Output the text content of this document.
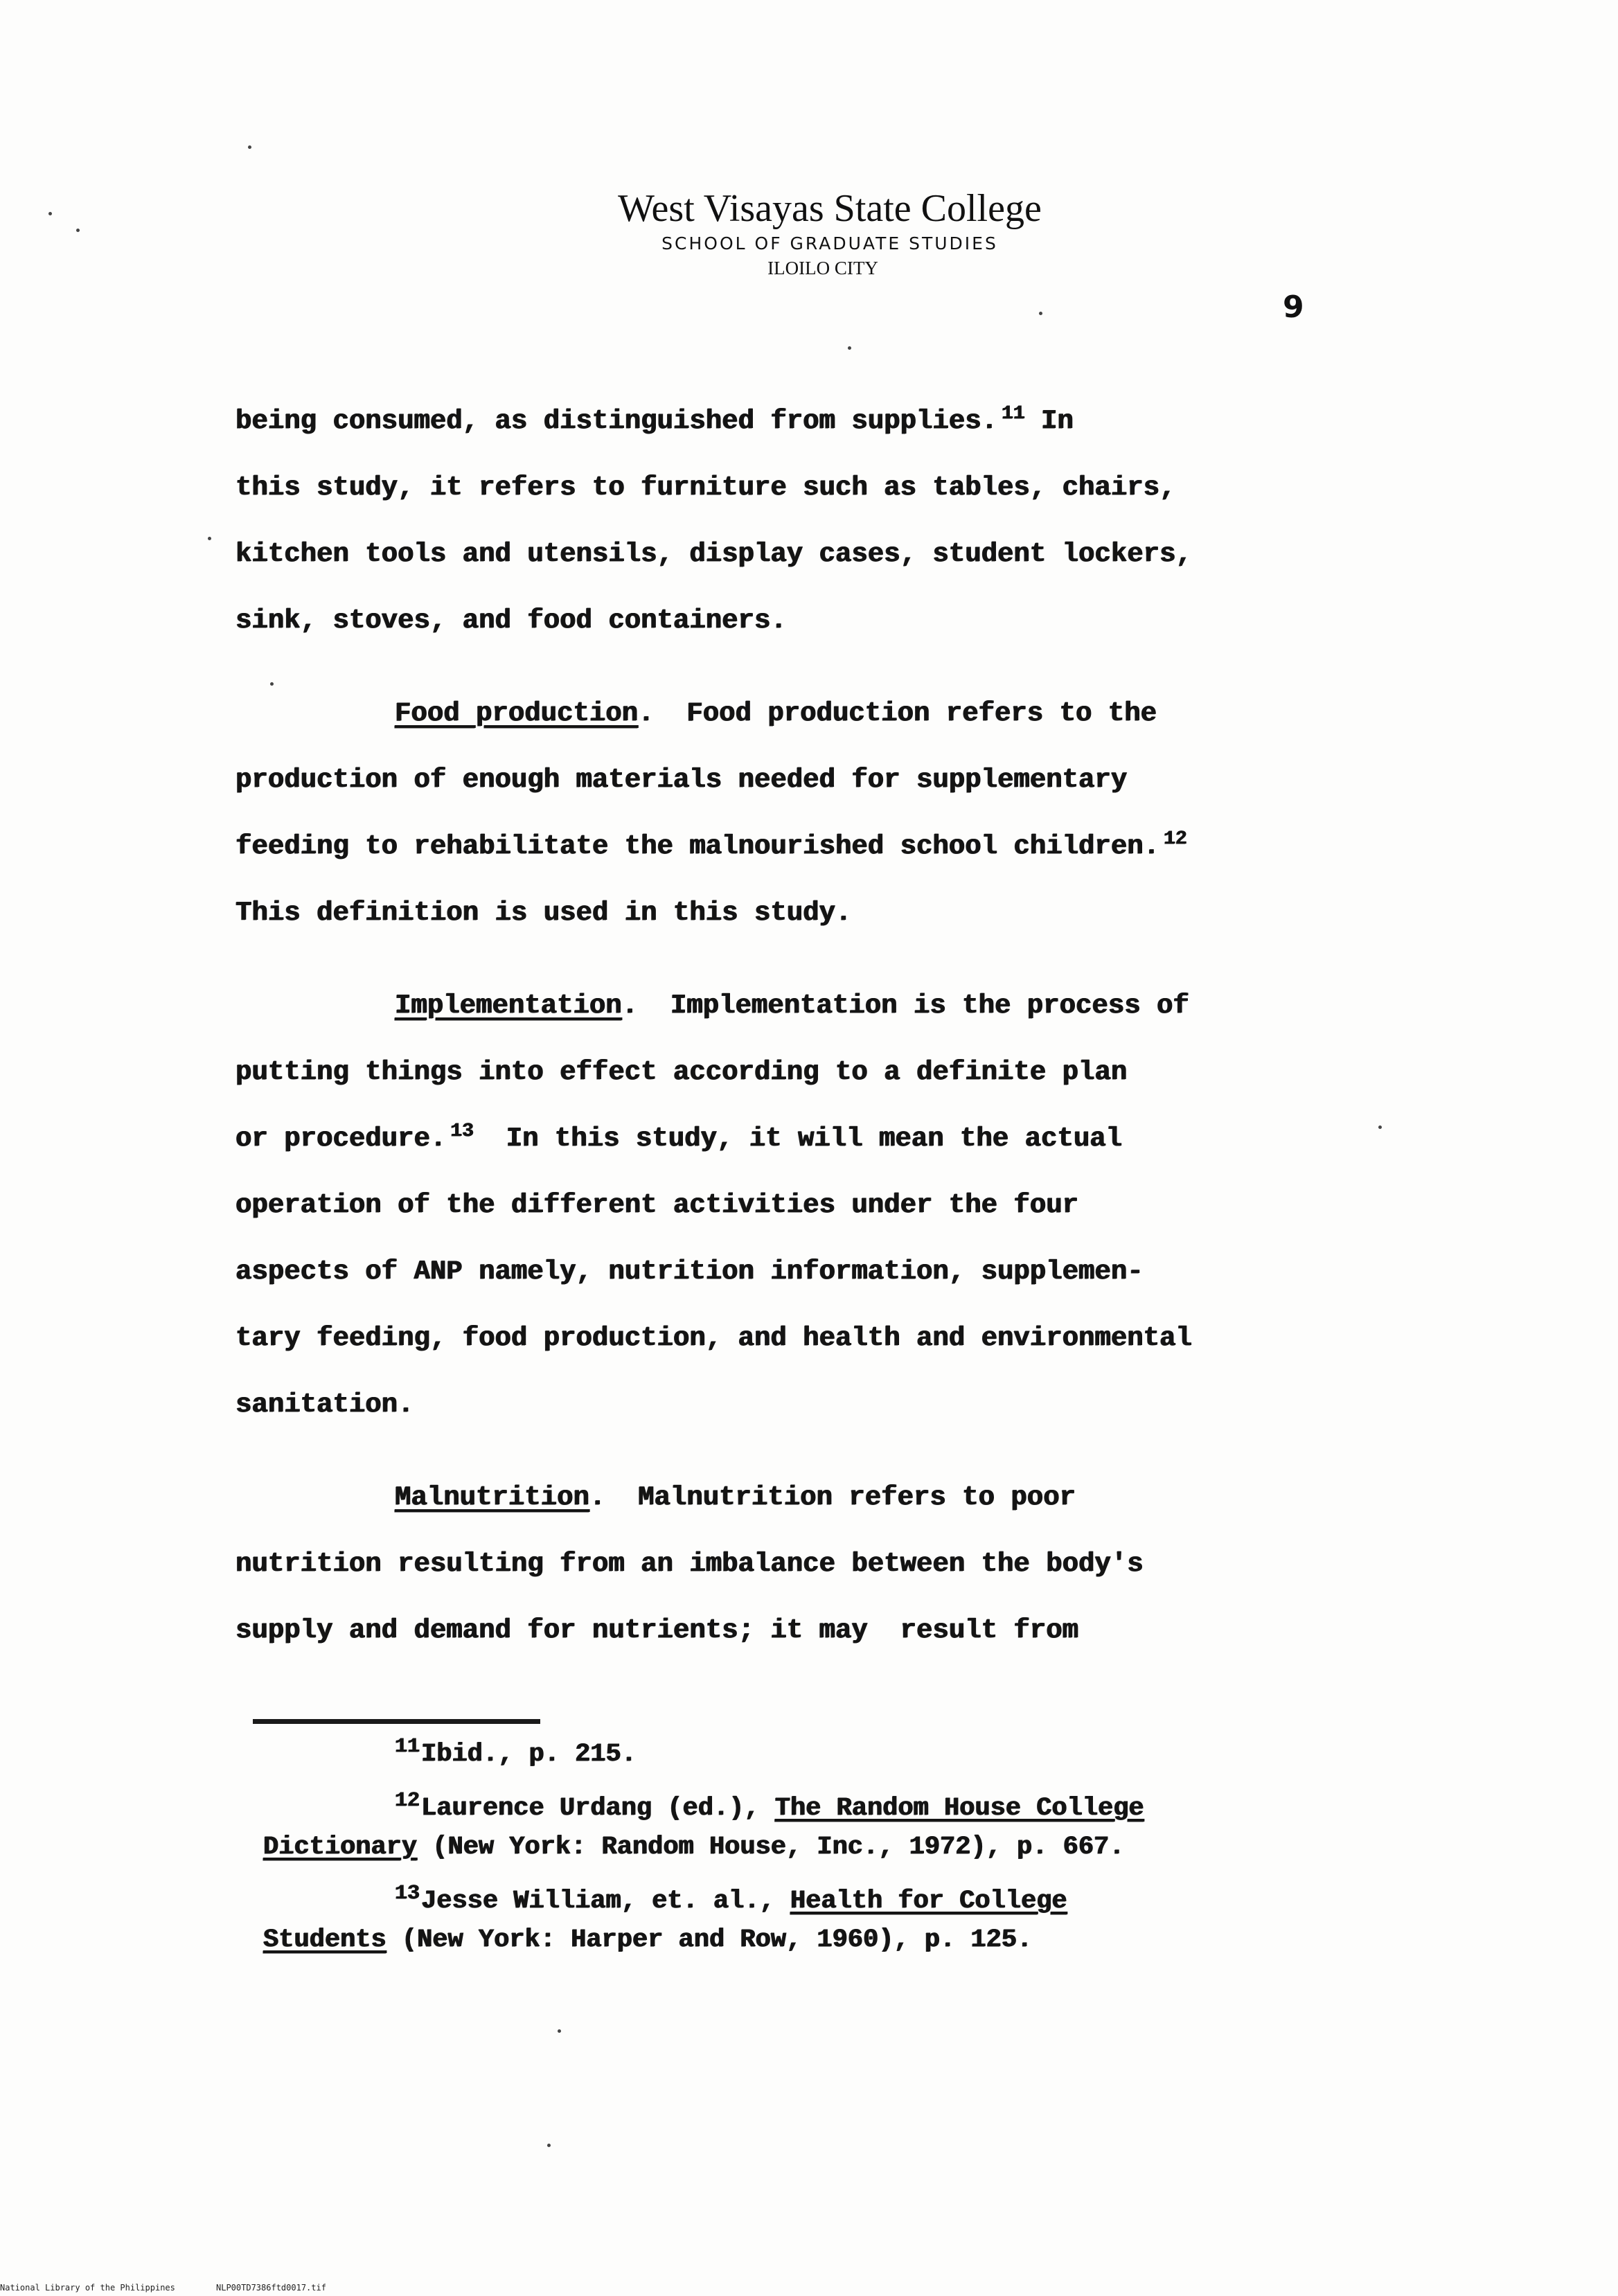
West Visayas State College
SCHOOL OF GRADUATE STUDIES
ILOILO CITY
9
being consumed, as distinguished from supplies. $^{11}$ In
this study, it refers to furniture such as tables, chairs,
kitchen tools and utensils, display cases, student lockers,
sink, stoves, and food containers.
Food production.  Food production refers to the
production of enough materials needed for supplementary
feeding to rehabilitate the malnourished school children. $^{12}$
This definition is used in this study.
Implementation.  Implementation is the process of
putting things into effect according to a definite plan
or procedure. $^{13}$  In this study, it will mean the actual
operation of the different activities under the four
aspects of ANP namely, nutrition information, supplemen-
tary feeding, food production, and health and environmental
sanitation.
Malnutrition.  Malnutrition refers to poor
nutrition resulting from an imbalance between the body's
supply and demand for nutrients; it may  result from
$^{11}$Ibid., p. 215.
$^{12}$Laurence Urdang (ed.), The Random House College
Dictionary (New York: Random House, Inc., 1972), p. 667.
$^{13}$Jesse William, et. al., Health for College
Students (New York: Harper and Row, 1960), p. 125.
National Library of the Philippines	NLP00TD7386ftd0017.tif
